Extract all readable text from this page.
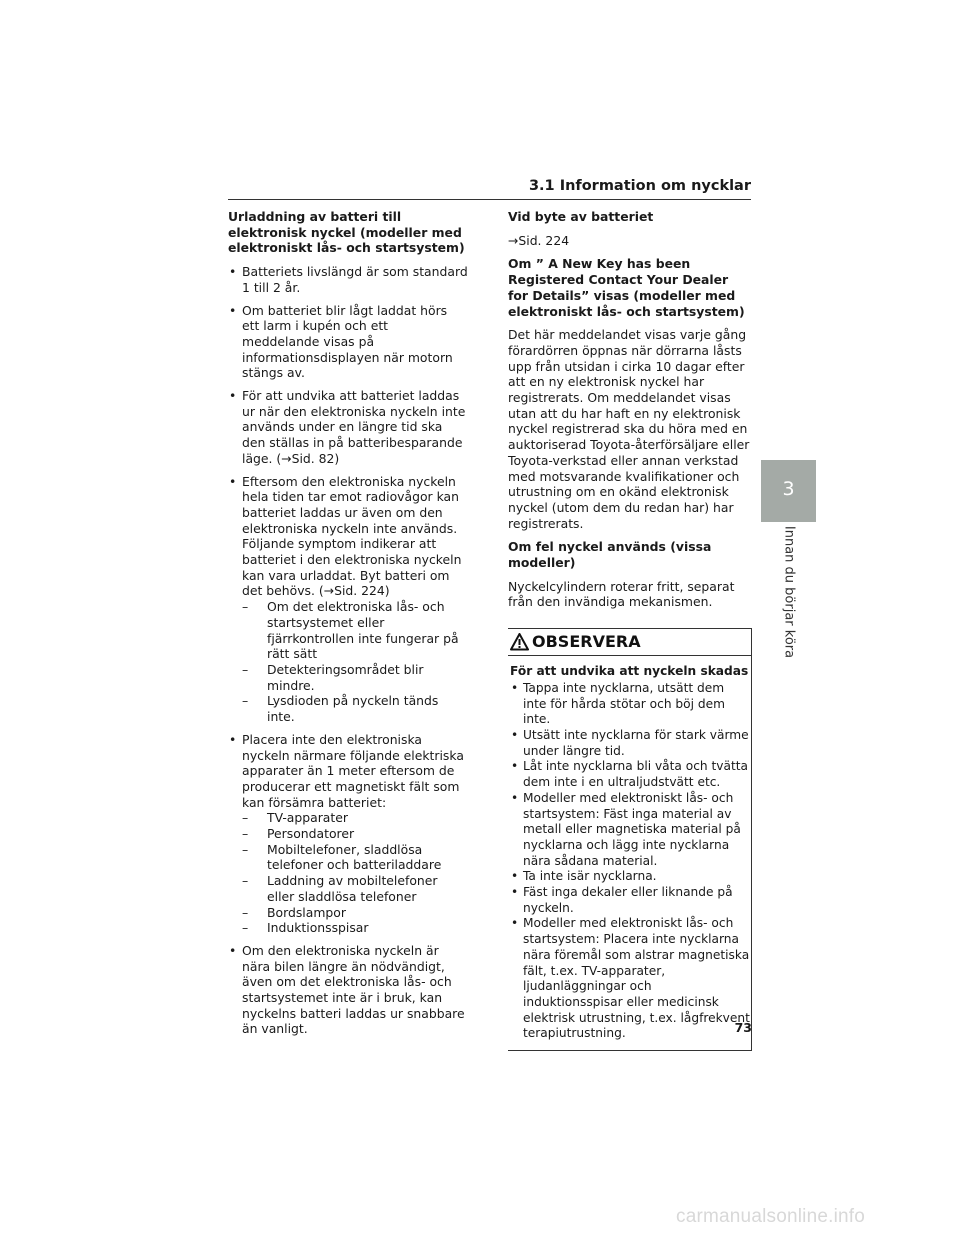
3.1 Information om nycklar
Urladdning av batteri till elektronisk nyckel (modeller med elektroniskt lås- och startsystem)
• Batteriets livslängd är som standard 1 till 2 år.
• Om batteriet blir lågt laddat hörs ett larm i kupén och ett meddelande visas på informationsdisplayen när motorn stängs av.
• För att undvika att batteriet laddas ur när den elektroniska nyckeln inte används under en längre tid ska den ställas in på batteribesparande läge. (→Sid. 82)
• Eftersom den elektroniska nyckeln hela tiden tar emot radiovågor kan batteriet laddas ur även om den elektroniska nyckeln inte används. Följande symptom indikerar att batteriet i den elektroniska nyckeln kan vara urladdat. Byt batteri om det behövs. (→Sid. 224)
– Om det elektroniska lås- och startsystemet eller fjärrkontrollen inte fungerar på rätt sätt
– Detekteringsområdet blir mindre.
– Lysdioden på nyckeln tänds inte.
• Placera inte den elektroniska nyckeln närmare följande elektriska apparater än 1 meter eftersom de producerar ett magnetiskt fält som kan försämra batteriet:
– TV-apparater
– Persondatorer
– Mobiltelefoner, sladdlösa telefoner och batteriladdare
– Laddning av mobiltelefoner eller sladdlösa telefoner
– Bordslampor
– Induktionsspisar
• Om den elektroniska nyckeln är nära bilen längre än nödvändigt, även om det elektroniska lås- och startsystemet inte är i bruk, kan nyckelns batteri laddas ur snabbare än vanligt.
Vid byte av batteriet
→Sid. 224
Om ” A New Key has been Registered Contact Your Dealer for Details” visas (modeller med elektroniskt lås- och startsystem)
Det här meddelandet visas varje gång förardörren öppnas när dörrarna låsts upp från utsidan i cirka 10 dagar efter att en ny elektronisk nyckel har registrerats. Om meddelandet visas utan att du har haft en ny elektronisk nyckel registrerad ska du höra med en auktoriserad Toyota-återförsäljare eller Toyota-verkstad eller annan verkstad med motsvarande kvalifikationer och utrustning om en okänd elektronisk nyckel (utom dem du redan har) har registrerats.
Om fel nyckel används (vissa modeller)
Nyckelcylindern roterar fritt, separat från den invändiga mekanismen.
OBSERVERA
För att undvika att nyckeln skadas
• Tappa inte nycklarna, utsätt dem inte för hårda stötar och böj dem inte.
• Utsätt inte nycklarna för stark värme under längre tid.
• Låt inte nycklarna bli våta och tvätta dem inte i en ultraljudstvätt etc.
• Modeller med elektroniskt lås- och startsystem: Fäst inga material av metall eller magnetiska material på nycklarna och lägg inte nycklarna nära sådana material.
• Ta inte isär nycklarna.
• Fäst inga dekaler eller liknande på nyckeln.
• Modeller med elektroniskt lås- och startsystem: Placera inte nycklarna nära föremål som alstrar magnetiska fält, t.ex. TV-apparater, ljudanläggningar och induktionsspisar eller medicinsk elektrisk utrustning, t.ex. lågfrekvent terapiutrustning.
3
Innan du börjar köra
73
carmanualsonline.info
